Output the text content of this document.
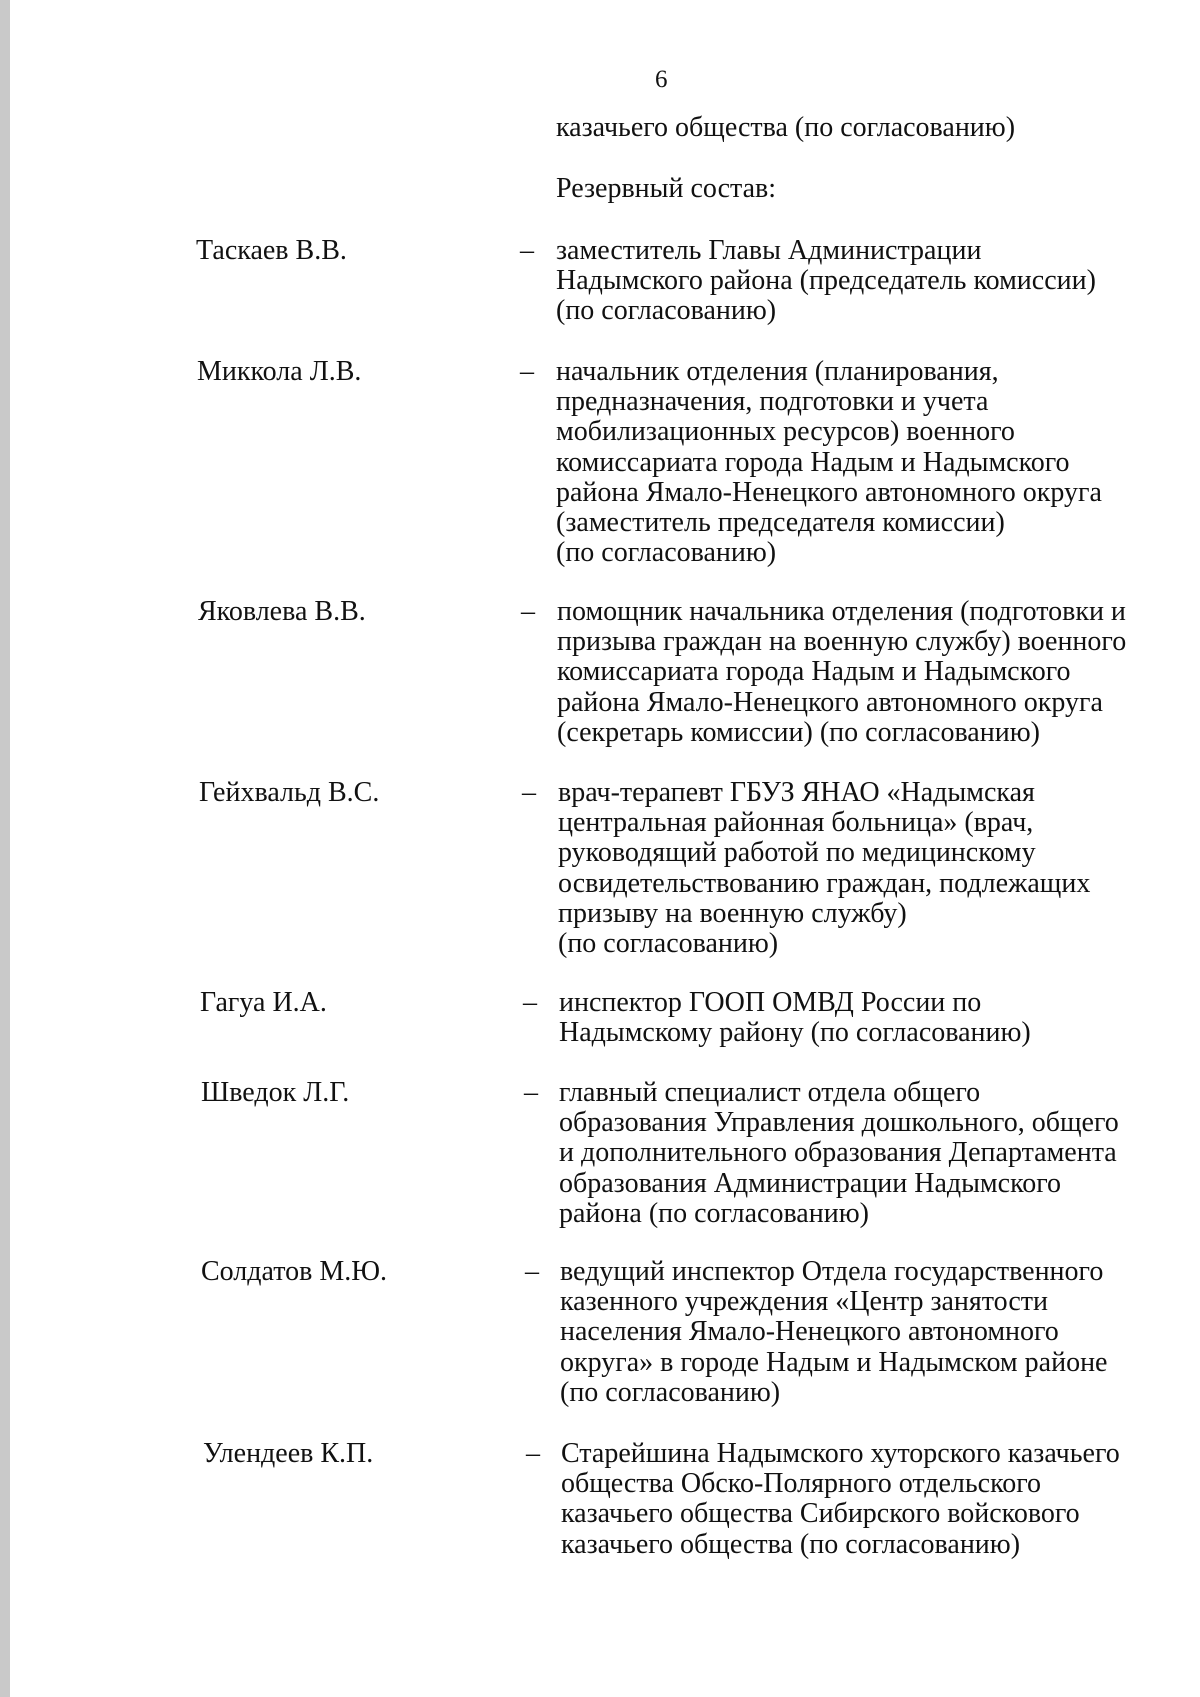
6
казачьего общества (по согласованию)
Резервный состав:
Таскаев В.В.	– заместитель Главы Администрации
Надымского района (председатель комиссии)
(по согласованию)
Миккола Л.В.	– начальник отделения (планирования,
предназначения, подготовки и учета
мобилизационных ресурсов) военного
комиссариата города Надым и Надымского
района Ямало-Ненецкого автономного округа
(заместитель председателя комиссии)
(по согласованию)
Яковлева В.В.	– помощник начальника отделения (подготовки и
призыва граждан на военную службу) военного
комиссариата города Надым и Надымского
района Ямало-Ненецкого автономного округа
(секретарь комиссии) (по согласованию)
Гейхвальд В.С.	– врач-терапевт ГБУЗ ЯНАО «Надымская
центральная районная больница» (врач,
руководящий работой по медицинскому
освидетельствованию граждан, подлежащих
призыву на военную службу)
(по согласованию)
Гагуа И.А.	– инспектор ГООП ОМВД России по
Надымскому району (по согласованию)
Шведок Л.Г.	– главный специалист отдела общего
образования Управления дошкольного, общего
и дополнительного образования Департамента
образования Администрации Надымского
района (по согласованию)
Солдатов М.Ю.	– ведущий инспектор Отдела государственного
казенного учреждения «Центр занятости
населения Ямало-Ненецкого автономного
округа» в городе Надым и Надымском районе
(по согласованию)
Улендеев К.П.	– Старейшина Надымского хуторского казачьего
общества Обско-Полярного отдельского
казачьего общества Сибирского войскового
казачьего общества (по согласованию)
